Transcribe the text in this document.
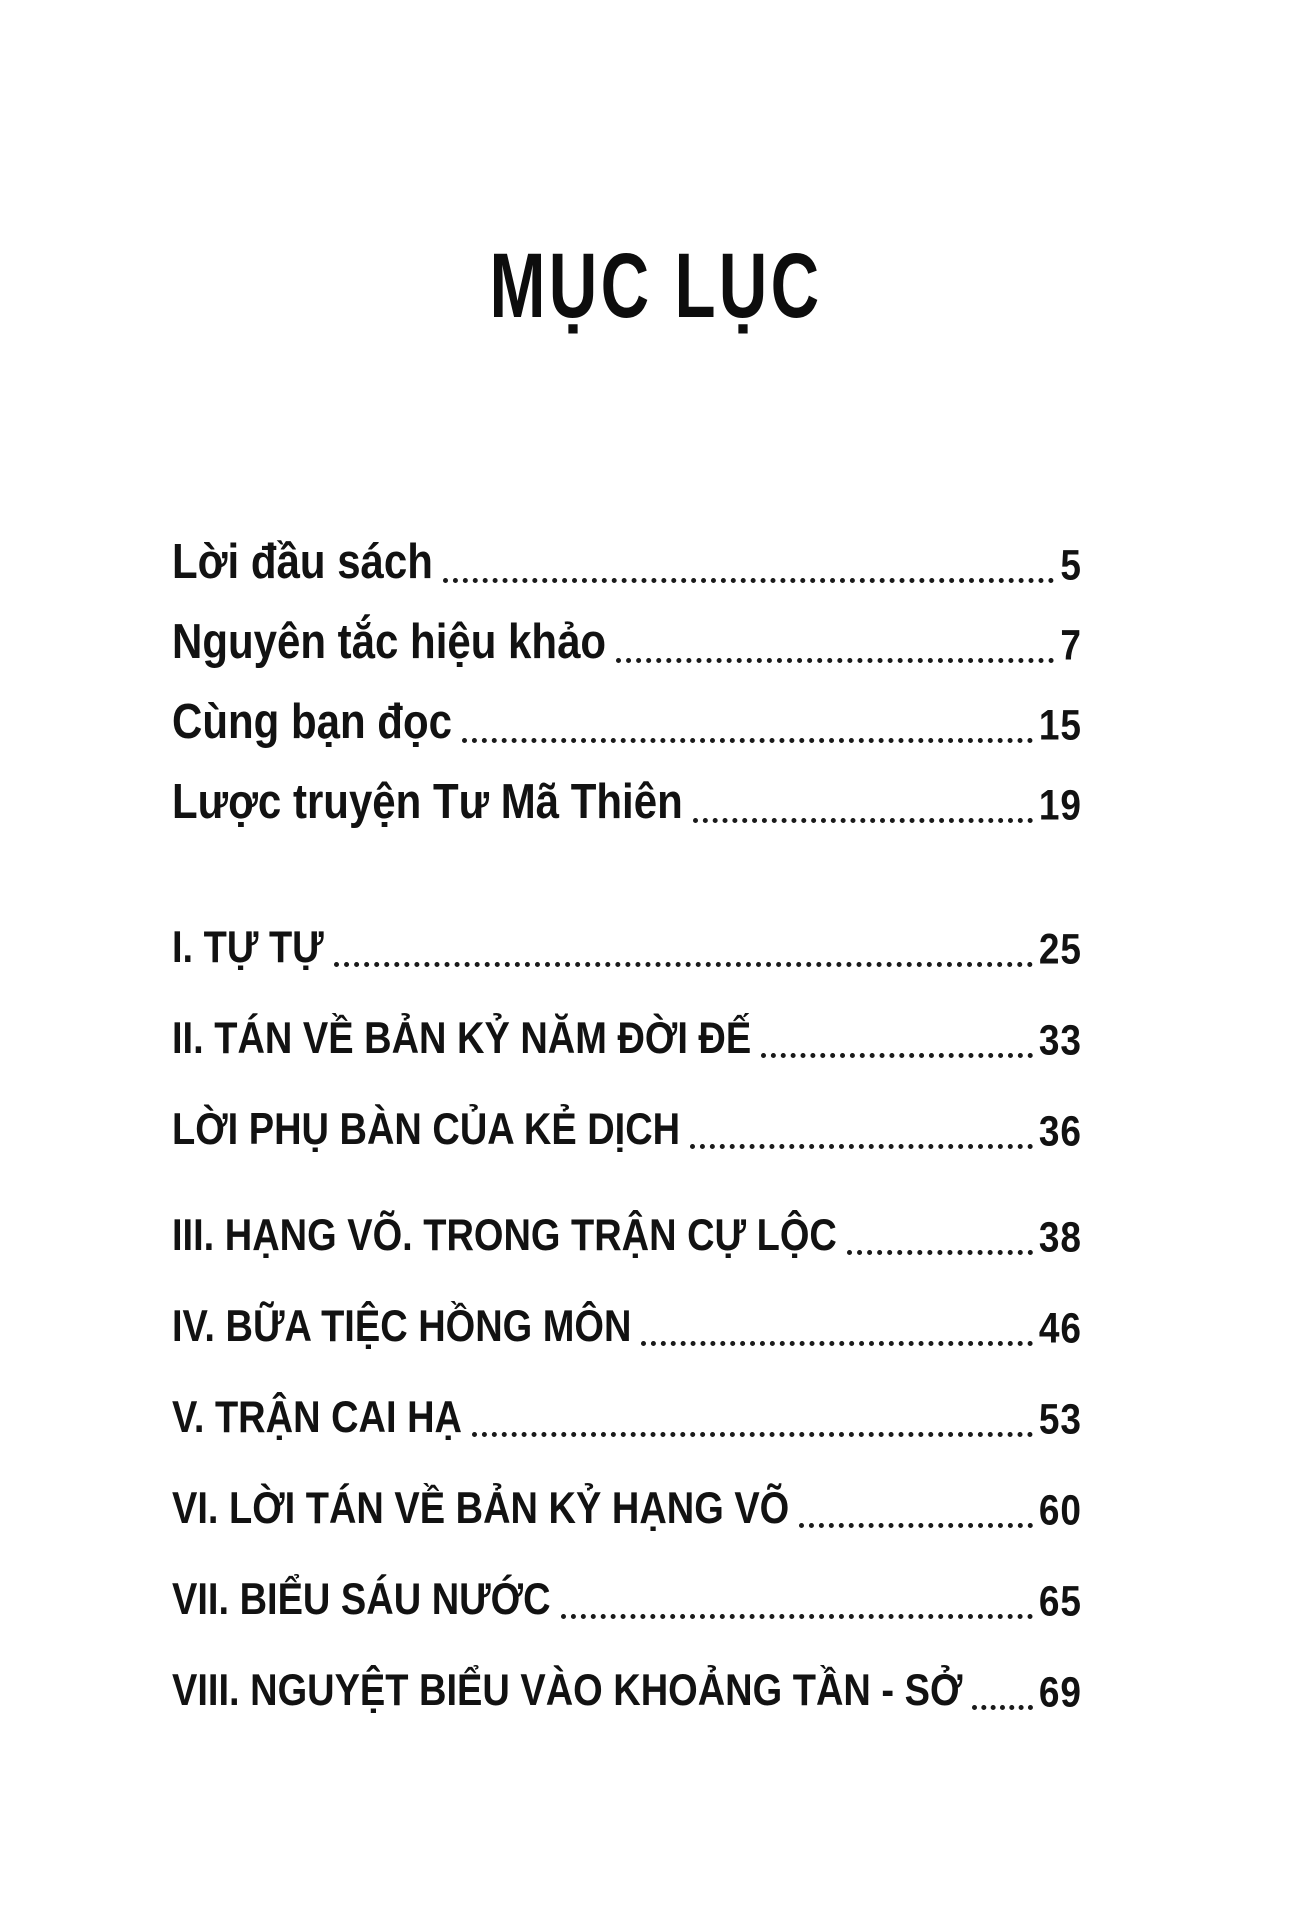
MỤC LỤC
Lời đầu sách	5
Nguyên tắc hiệu khảo	7
Cùng bạn đọc	15
Lược truyện Tư Mã Thiên	19
I. TỰ TỰ	25
II. TÁN VỀ BẢN KỶ NĂM ĐỜI ĐẾ	33
LỜI PHỤ BÀN CỦA KẺ DỊCH	36
III. HẠNG VÕ. TRONG TRẬN CỰ LỘC	38
IV. BỮA TIỆC HỒNG MÔN	46
V. TRẬN CAI HẠ	53
VI. LỜI TÁN VỀ BẢN KỶ HẠNG VÕ	60
VII. BIỂU SÁU NƯỚC	65
VIII. NGUYỆT BIỂU VÀO KHOẢNG TẦN - SỞ 69
